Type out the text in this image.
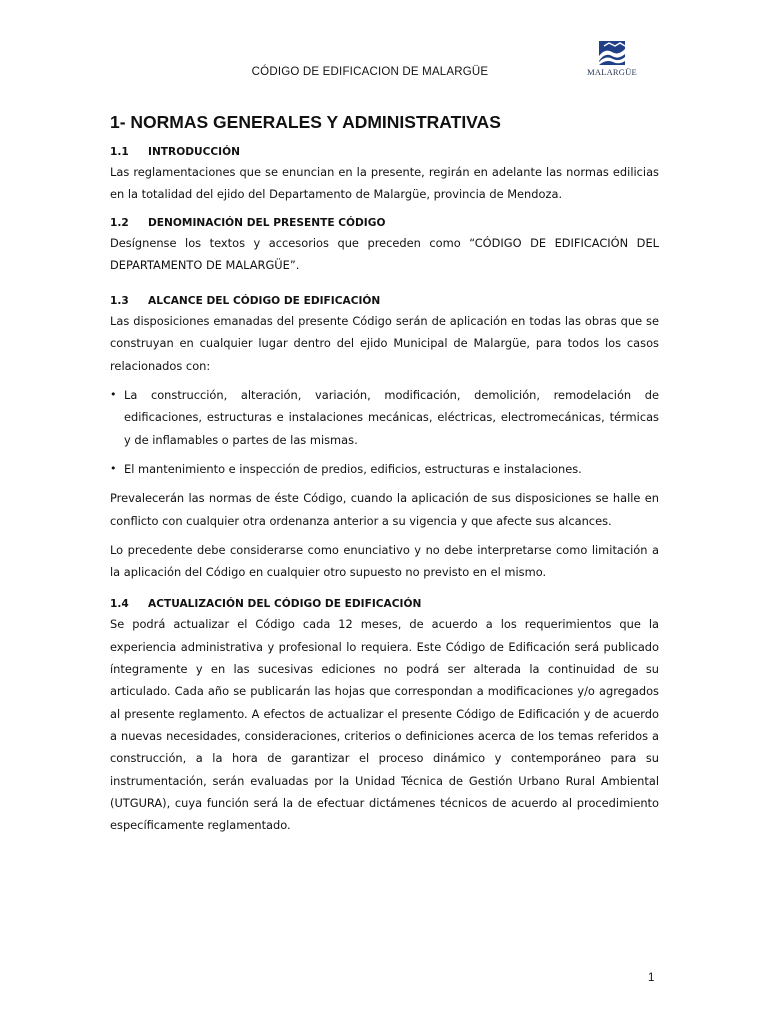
CÓDIGO DE EDIFICACION DE MALARGÜE	MALARGÜE
1- NORMAS GENERALES Y ADMINISTRATIVAS
1.1	INTRODUCCIÓN

Las reglamentaciones que se enuncian en la presente, regirán en adelante las normas edilicias en la totalidad del ejido del Departamento de Malargüe, provincia de Mendoza.

1.2	DENOMINACIÓN DEL PRESENTE CÓDIGO

Desígnense los textos y accesorios que preceden como “CÓDIGO DE EDIFICACIÓN DEL DEPARTAMENTO DE MALARGÜE”.

1.3	ALCANCE DEL CÓDIGO DE EDIFICACIÓN

Las disposiciones emanadas del presente Código serán de aplicación en todas las obras que se construyan en cualquier lugar dentro del ejido Municipal de Malargüe, para todos los casos relacionados con:

• La construcción, alteración, variación, modificación, demolición, remodelación de edificaciones, estructuras e instalaciones mecánicas, eléctricas, electromecánicas, térmicas y de inflamables o partes de las mismas.

• El mantenimiento e inspección de predios, edificios, estructuras e instalaciones.

Prevalecerán las normas de éste Código, cuando la aplicación de sus disposiciones se halle en conflicto con cualquier otra ordenanza anterior a su vigencia y que afecte sus alcances.

Lo precedente debe considerarse como enunciativo y no debe interpretarse como limitación a la aplicación del Código en cualquier otro supuesto no previsto en el mismo.

1.4	ACTUALIZACIÓN DEL CÓDIGO DE EDIFICACIÓN

Se podrá actualizar el Código cada 12 meses, de acuerdo a los requerimientos que la experiencia administrativa y profesional lo requiera. Este Código de Edificación será publicado íntegramente y en las sucesivas ediciones no podrá ser alterada la continuidad de su articulado. Cada año se publicarán las hojas que correspondan a modificaciones y/o agregados al presente reglamento. A efectos de actualizar el presente Código de Edificación y de acuerdo a nuevas necesidades, consideraciones, criterios o definiciones acerca de los temas referidos a construcción, a la hora de garantizar el proceso dinámico y contemporáneo para su instrumentación, serán evaluadas por la Unidad Técnica de Gestión Urbano Rural Ambiental (UTGURA), cuya función será la de efectuar dictámenes técnicos de acuerdo al procedimiento específicamente reglamentado.

1
